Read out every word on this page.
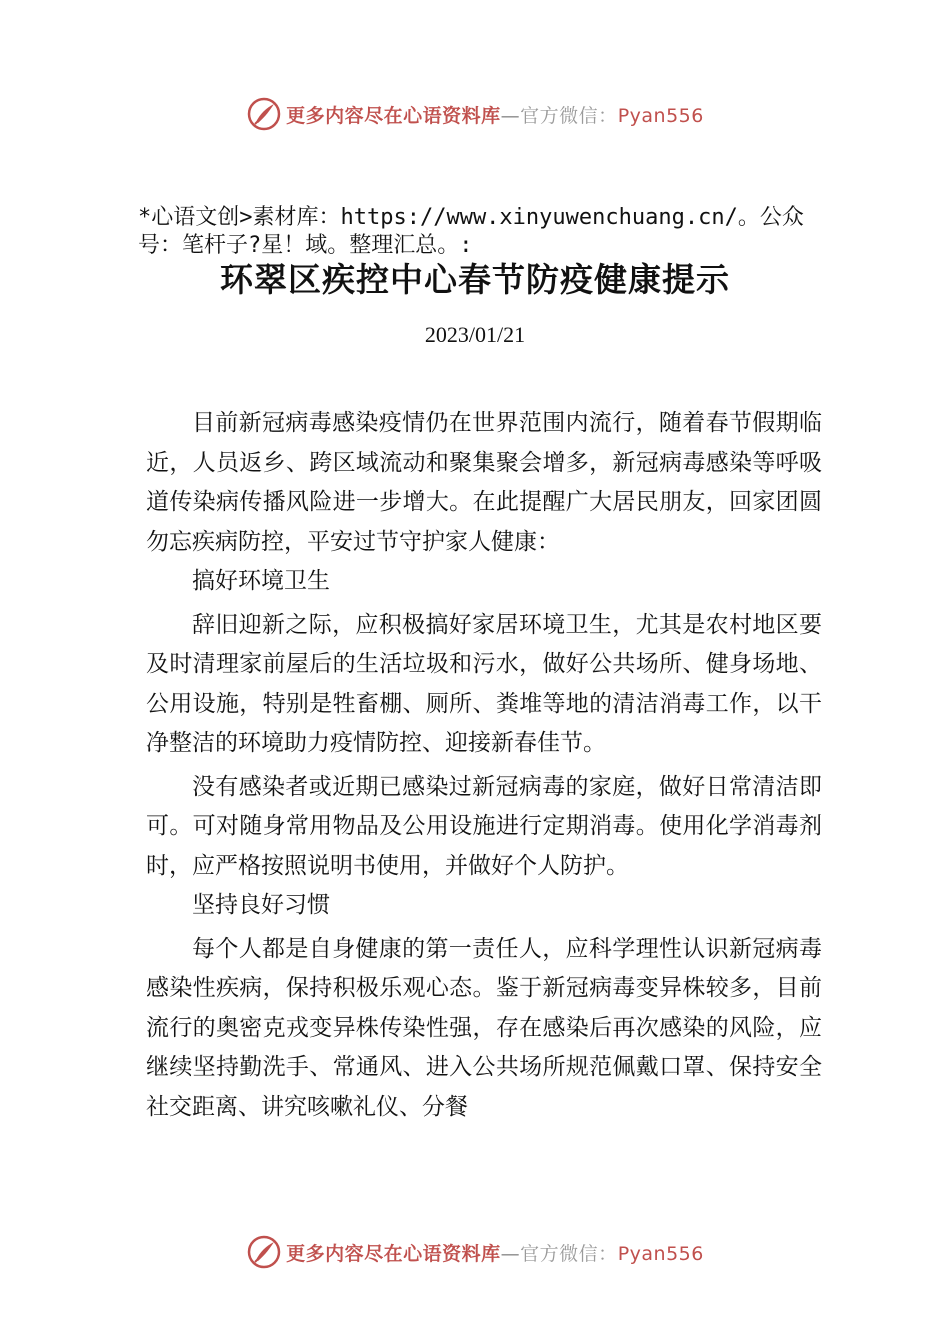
更多内容尽在心语资料库—官方微信：Pyan556
*心语文创>素材库：https://www.xinyuwenchuang.cn/。公众号：笔杆子?星！域。整理汇总。:
环翠区疾控中心春节防疫健康提示
2023/01/21

目前新冠病毒感染疫情仍在世界范围内流行，随着春节假期临近，人员返乡、跨区域流动和聚集聚会增多，新冠病毒感染等呼吸道传染病传播风险进一步增大。在此提醒广大居民朋友，回家团圆勿忘疾病防控，平安过节守护家人健康：

搞好环境卫生

辞旧迎新之际，应积极搞好家居环境卫生，尤其是农村地区要及时清理家前屋后的生活垃圾和污水，做好公共场所、健身场地、公用设施，特别是牲畜棚、厕所、粪堆等地的清洁消毒工作，以干净整洁的环境助力疫情防控、迎接新春佳节。

没有感染者或近期已感染过新冠病毒的家庭，做好日常清洁即可。可对随身常用物品及公用设施进行定期消毒。使用化学消毒剂时，应严格按照说明书使用，并做好个人防护。

坚持良好习惯

每个人都是自身健康的第一责任人，应科学理性认识新冠病毒感染性疾病，保持积极乐观心态。鉴于新冠病毒变异株较多，目前流行的奥密克戎变异株传染性强，存在感染后再次感染的风险，应继续坚持勤洗手、常通风、进入公共场所规范佩戴口罩、保持安全社交距离、讲究咳嗽礼仪、分餐

更多内容尽在心语资料库—官方微信：Pyan556
